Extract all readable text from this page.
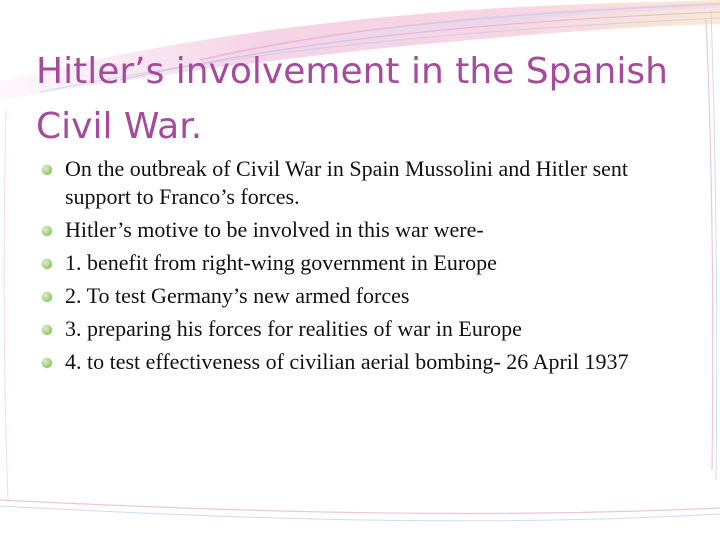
Hitler’s involvement in the Spanish Civil War.
On the outbreak of Civil War in Spain Mussolini and Hitler sent support to Franco’s forces.
Hitler’s motive to be involved in this war were-
1. benefit from right-wing government in Europe
2. To test Germany’s new armed forces
3. preparing his forces for realities of war in Europe
4. to test effectiveness of civilian aerial bombing- 26 April 1937
